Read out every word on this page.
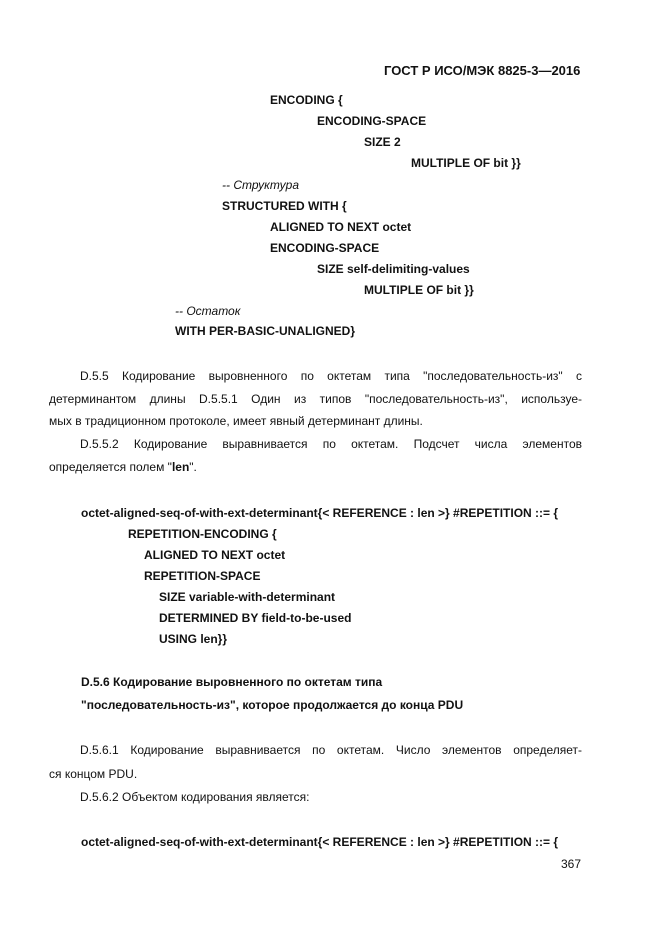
ГОСТ Р ИСО/МЭК 8825-3—2016
ENCODING {
ENCODING-SPACE
SIZE 2
MULTIPLE OF bit }}
-- Структура
STRUCTURED WITH {
ALIGNED TO NEXT octet
ENCODING-SPACE
SIZE self-delimiting-values
MULTIPLE OF bit }}
-- Остаток
WITH PER-BASIC-UNALIGNED}
D.5.5 Кодирование выровненного по октетам типа "последовательность-из" с
детерминантом длины D.5.5.1 Один из типов "последовательность-из", используе-
мых в традиционном протоколе, имеет явный детерминант длины.
D.5.5.2 Кодирование выравнивается по октетам. Подсчет числа элементов
определяется полем "len".
octet-aligned-seq-of-with-ext-determinant{< REFERENCE : len >} #REPETITION ::= {
REPETITION-ENCODING {
ALIGNED TO NEXT octet
REPETITION-SPACE
SIZE variable-with-determinant
DETERMINED BY field-to-be-used
USING len}}
D.5.6 Кодирование выровненного по октетам типа
"последовательность-из", которое продолжается до конца PDU
D.5.6.1 Кодирование выравнивается по октетам. Число элементов определяет-
ся концом PDU.
D.5.6.2 Объектом кодирования является:
octet-aligned-seq-of-with-ext-determinant{< REFERENCE : len >} #REPETITION ::= {
367
